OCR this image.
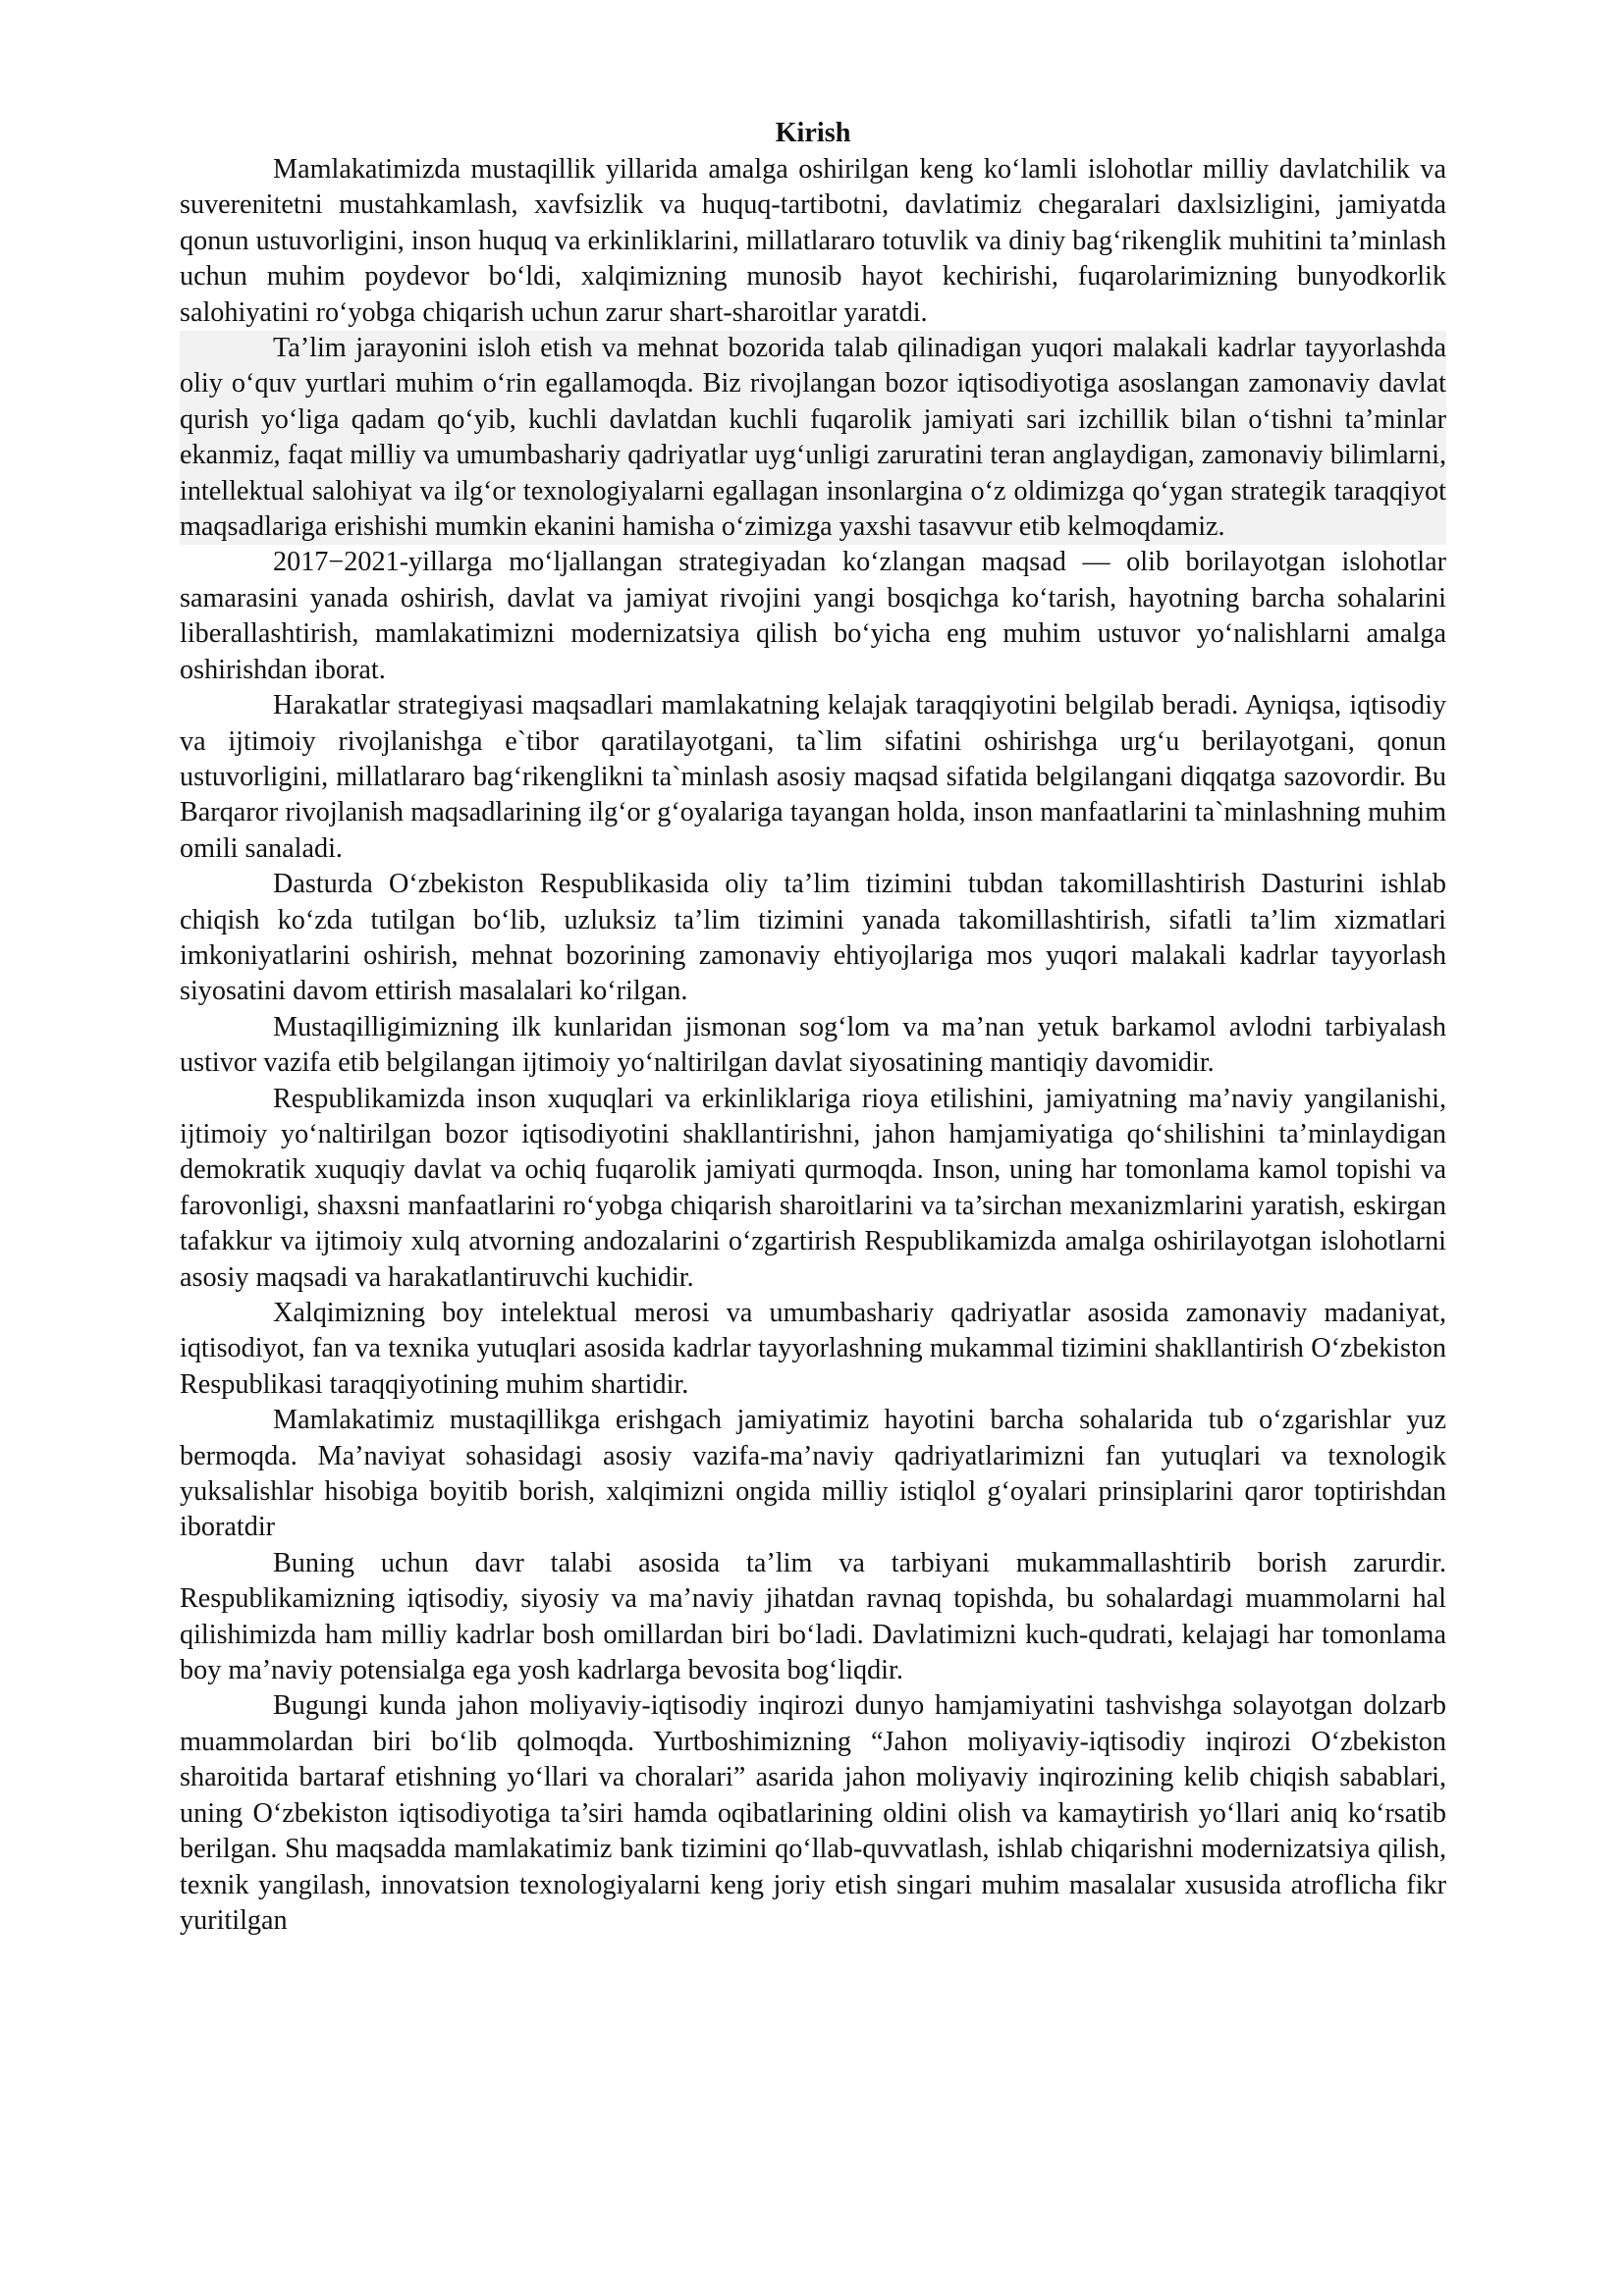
Kirish

Mamlakatimizda mustaqillik yillarida amalga oshirilgan keng ko‘lamli islohotlar milliy davlatchilik va suverenitetni mustahkamlash, xavfsizlik va huquq-tartibotni, davlatimiz chegaralari daxlsizligini, jamiyatda qonun ustuvorligini, inson huquq va erkinliklarini, millatlararo totuvlik va diniy bag‘rikenglik muhitini ta’minlash uchun muhim poydevor bo‘ldi, xalqimizning munosib hayot kechirishi, fuqarolarimizning bunyodkorlik salohiyatini ro‘yobga chiqarish uchun zarur shart-sharoitlar yaratdi.

Ta’lim jarayonini isloh etish va mehnat bozorida talab qilinadigan yuqori malakali kadrlar tayyorlashda oliy o‘quv yurtlari muhim o‘rin egallamoqda. Biz rivojlangan bozor iqtisodiyotiga asoslangan zamonaviy davlat qurish yo‘liga qadam qo‘yib, kuchli davlatdan kuchli fuqarolik jamiyati sari izchillik bilan o‘tishni ta’minlar ekanmiz, faqat milliy va umumbashariy qadriyatlar uyg‘unligi zaruratini teran anglaydigan, zamonaviy bilimlarni, intellektual salohiyat va ilg‘or texnologiyalarni egallagan insonlargina o‘z oldimizga qo‘ygan strategik taraqqiyot maqsadlariga erishishi mumkin ekanini hamisha o‘zimizga yaxshi tasavvur etib kelmoqdamiz.

2017−2021-yillarga mo‘ljallangan strategiyadan ko‘zlangan maqsad — olib borilayotgan islohotlar samarasini yanada oshirish, davlat va jamiyat rivojini yangi bosqichga ko‘tarish, hayotning barcha sohalarini liberallashtirish, mamlakatimizni modernizatsiya qilish bo‘yicha eng muhim ustuvor yo‘nalishlarni amalga oshirishdan iborat.

Harakatlar strategiyasi maqsadlari mamlakatning kelajak taraqqiyotini belgilab beradi. Ayniqsa, iqtisodiy va ijtimoiy rivojlanishga e`tibor qaratilayotgani, ta`lim sifatini oshirishga urg‘u berilayotgani, qonun ustuvorligini, millatlararo bag‘rikenglikni ta`minlash asosiy maqsad sifatida belgilangani diqqatga sazovordir. Bu Barqaror rivojlanish maqsadlarining ilg‘or g‘oyalariga tayangan holda, inson manfaatlarini ta`minlashning muhim omili sanaladi.

Dasturda O‘zbekiston Respublikasida oliy ta’lim tizimini tubdan takomillashtirish Dasturini ishlab chiqish ko‘zda tutilgan bo‘lib, uzluksiz ta’lim tizimini yanada takomillashtirish, sifatli ta’lim xizmatlari imkoniyatlarini oshirish, mehnat bozorining zamonaviy ehtiyojlariga mos yuqori malakali kadrlar tayyorlash siyosatini davom ettirish masalalari ko‘rilgan.

Mustaqilligimizning ilk kunlaridan jismonan sog‘lom va ma’nan yetuk barkamol avlodni tarbiyalash ustivor vazifa etib belgilangan ijtimoiy yo‘naltirilgan davlat siyosatining mantiqiy davomidir.

Respublikamizda inson xuquqlari va erkinliklariga rioya etilishini, jamiyatning ma’naviy yangilanishi, ijtimoiy yo‘naltirilgan bozor iqtisodiyotini shakllantirishni, jahon hamjamiyatiga qo‘shilishini ta’minlaydigan demokratik xuquqiy davlat va ochiq fuqarolik jamiyati qurmoqda. Inson, uning har tomonlama kamol topishi va farovonligi, shaxsni manfaatlarini ro‘yobga chiqarish sharoitlarini va ta’sirchan mexanizmlarini yaratish, eskirgan tafakkur va ijtimoiy xulq atvorning andozalarini o‘zgartirish Respublikamizda amalga oshirilayotgan islohotlarni asosiy maqsadi va harakatlantiruvchi kuchidir.

Xalqimizning boy intelektual merosi va umumbashariy qadriyatlar asosida zamonaviy madaniyat, iqtisodiyot, fan va texnika yutuqlari asosida kadrlar tayyorlashning mukammal tizimini shakllantirish O‘zbekiston Respublikasi taraqqiyotining muhim shartidir.

Mamlakatimiz mustaqillikga erishgach jamiyatimiz hayotini barcha sohalarida tub o‘zgarishlar yuz bermoqda. Ma’naviyat sohasidagi asosiy vazifa-ma’naviy qadriyatlarimizni fan yutuqlari va texnologik yuksalishlar hisobiga boyitib borish, xalqimizni ongida milliy istiqlol g‘oyalari prinsiplarini qaror toptirishdan iboratdir

Buning uchun davr talabi asosida ta’lim va tarbiyani mukammallashtirib borish zarurdir. Respublikamizning iqtisodiy, siyosiy va ma’naviy jihatdan ravnaq topishda, bu sohalardagi muammolarni hal qilishimizda ham milliy kadrlar bosh omillardan biri bo‘ladi. Davlatimizni kuch-qudrati, kelajagi har tomonlama boy ma’naviy potensialga ega yosh kadrlarga bevosita bog‘liqdir.

Bugungi kunda jahon moliyaviy-iqtisodiy inqirozi dunyo hamjamiyatini tashvishga solayotgan dolzarb muammolardan biri bo‘lib qolmoqda. Yurtboshimizning “Jahon moliyaviy-iqtisodiy inqirozi O‘zbekiston sharoitida bartaraf etishning yo‘llari va choralari” asarida jahon moliyaviy inqirozining kelib chiqish sabablari, uning O‘zbekiston iqtisodiyotiga ta’siri hamda oqibatlarining oldini olish va kamaytirish yo‘llari aniq ko‘rsatib berilgan. Shu maqsadda mamlakatimiz bank tizimini qo‘llab-quvvatlash, ishlab chiqarishni modernizatsiya qilish, texnik yangilash, innovatsion texnologiyalarni keng joriy etish singari muhim masalalar xususida atroflicha fikr yuritilgan
